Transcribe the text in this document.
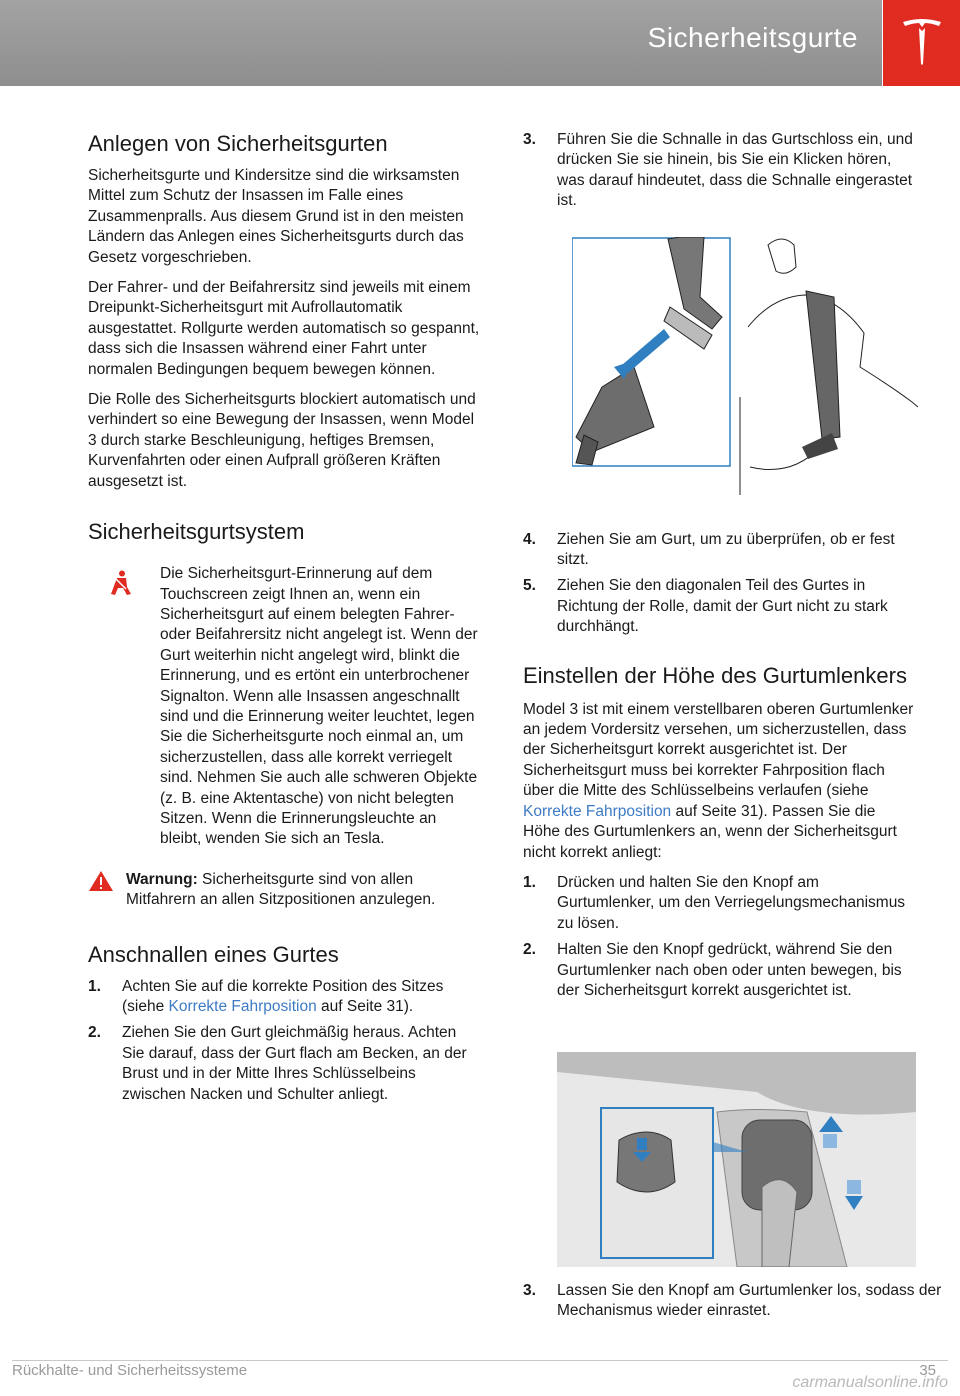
Sicherheitsgurte
Anlegen von Sicherheitsgurten

Sicherheitsgurte und Kindersitze sind die wirksamsten Mittel zum Schutz der Insassen im Falle eines Zusammenpralls. Aus diesem Grund ist in den meisten Ländern das Anlegen eines Sicherheitsgurts durch das Gesetz vorgeschrieben.

Der Fahrer- und der Beifahrersitz sind jeweils mit einem Dreipunkt-Sicherheitsgurt mit Aufrollautomatik ausgestattet. Rollgurte werden automatisch so gespannt, dass sich die Insassen während einer Fahrt unter normalen Bedingungen bequem bewegen können.

Die Rolle des Sicherheitsgurts blockiert automatisch und verhindert so eine Bewegung der Insassen, wenn Model 3 durch starke Beschleunigung, heftiges Bremsen, Kurvenfahrten oder einen Aufprall größeren Kräften ausgesetzt ist.

Sicherheitsgurtsystem
Die Sicherheitsgurt-Erinnerung auf dem Touchscreen zeigt Ihnen an, wenn ein Sicherheitsgurt auf einem belegten Fahrer- oder Beifahrersitz nicht angelegt ist. Wenn der Gurt weiterhin nicht angelegt wird, blinkt die Erinnerung, und es ertönt ein unterbrochener Signalton. Wenn alle Insassen angeschnallt sind und die Erinnerung weiter leuchtet, legen Sie die Sicherheitsgurte noch einmal an, um sicherzustellen, dass alle korrekt verriegelt sind. Nehmen Sie auch alle schweren Objekte (z. B. eine Aktentasche) von nicht belegten Sitzen. Wenn die Erinnerungsleuchte an bleibt, wenden Sie sich an Tesla.
Warnung: Sicherheitsgurte sind von allen Mitfahrern an allen Sitzpositionen anzulegen.
Anschnallen eines Gurtes
1. Achten Sie auf die korrekte Position des Sitzes (siehe Korrekte Fahrposition auf Seite 31).
2. Ziehen Sie den Gurt gleichmäßig heraus. Achten Sie darauf, dass der Gurt flach am Becken, an der Brust und in der Mitte Ihres Schlüsselbeins zwischen Nacken und Schulter anliegt.
3. Führen Sie die Schnalle in das Gurtschloss ein, und drücken Sie sie hinein, bis Sie ein Klicken hören, was darauf hindeutet, dass die Schnalle eingerastet ist.
4. Ziehen Sie am Gurt, um zu überprüfen, ob er fest sitzt.
5. Ziehen Sie den diagonalen Teil des Gurtes in Richtung der Rolle, damit der Gurt nicht zu stark durchhängt.
Einstellen der Höhe des Gurtumlenkers

Model 3 ist mit einem verstellbaren oberen Gurtumlenker an jedem Vordersitz versehen, um sicherzustellen, dass der Sicherheitsgurt korrekt ausgerichtet ist. Der Sicherheitsgurt muss bei korrekter Fahrposition flach über die Mitte des Schlüsselbeins verlaufen (siehe Korrekte Fahrposition auf Seite 31). Passen Sie die Höhe des Gurtumlenkers an, wenn der Sicherheitsgurt nicht korrekt anliegt:

1. Drücken und halten Sie den Knopf am Gurtumlenker, um den Verriegelungsmechanismus zu lösen.
2. Halten Sie den Knopf gedrückt, während Sie den Gurtumlenker nach oben oder unten bewegen, bis der Sicherheitsgurt korrekt ausgerichtet ist.
3. Lassen Sie den Knopf am Gurtumlenker los, sodass der Mechanismus wieder einrastet.
Rückhalte- und Sicherheitssysteme	35
carmanualsonline.info
